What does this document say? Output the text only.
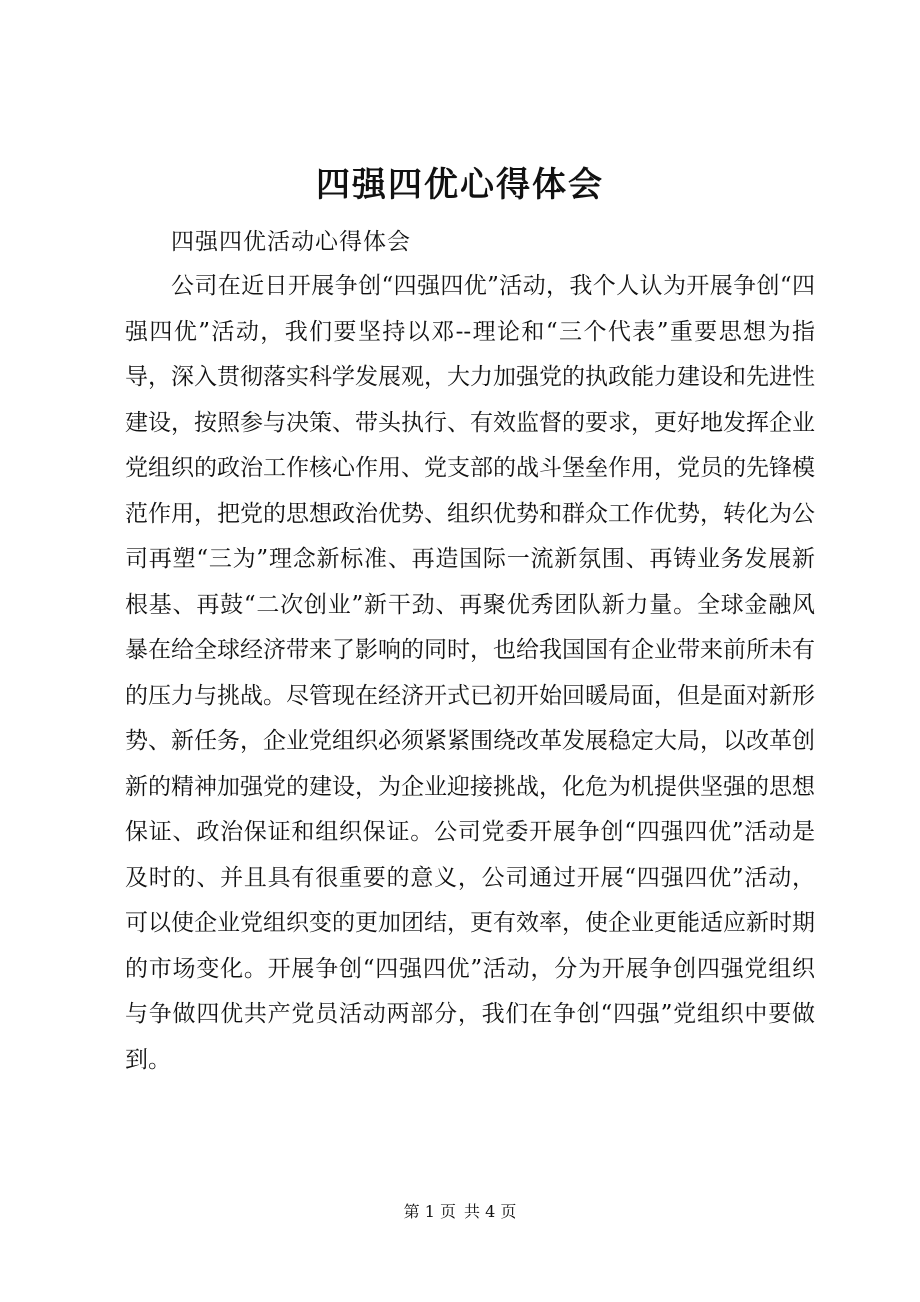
四强四优心得体会
四强四优活动心得体会

公司在近日开展争创“四强四优”活动，我个人认为开展争创“四强四优”活动，我们要坚持以邓--理论和“三个代表”重要思想为指导，深入贯彻落实科学发展观，大力加强党的执政能力建设和先进性建设，按照参与决策、带头执行、有效监督的要求，更好地发挥企业党组织的政治工作核心作用、党支部的战斗堡垒作用，党员的先锋模范作用，把党的思想政治优势、组织优势和群众工作优势，转化为公司再塑“三为”理念新标准、再造国际一流新氛围、再铸业务发展新根基、再鼓“二次创业”新干劲、再聚优秀团队新力量。全球金融风暴在给全球经济带来了影响的同时，也给我国国有企业带来前所未有的压力与挑战。尽管现在经济开式已初开始回暖局面，但是面对新形势、新任务，企业党组织必须紧紧围绕改革发展稳定大局，以改革创新的精神加强党的建设，为企业迎接挑战，化危为机提供坚强的思想保证、政治保证和组织保证。公司党委开展争创“四强四优”活动是及时的、并且具有很重要的意义，公司通过开展“四强四优”活动，可以使企业党组织变的更加团结，更有效率，使企业更能适应新时期的市场变化。开展争创“四强四优”活动，分为开展争创四强党组织与争做四优共产党员活动两部分，我们在争创“四强”党组织中要做到。

第 1 页 共 4 页
